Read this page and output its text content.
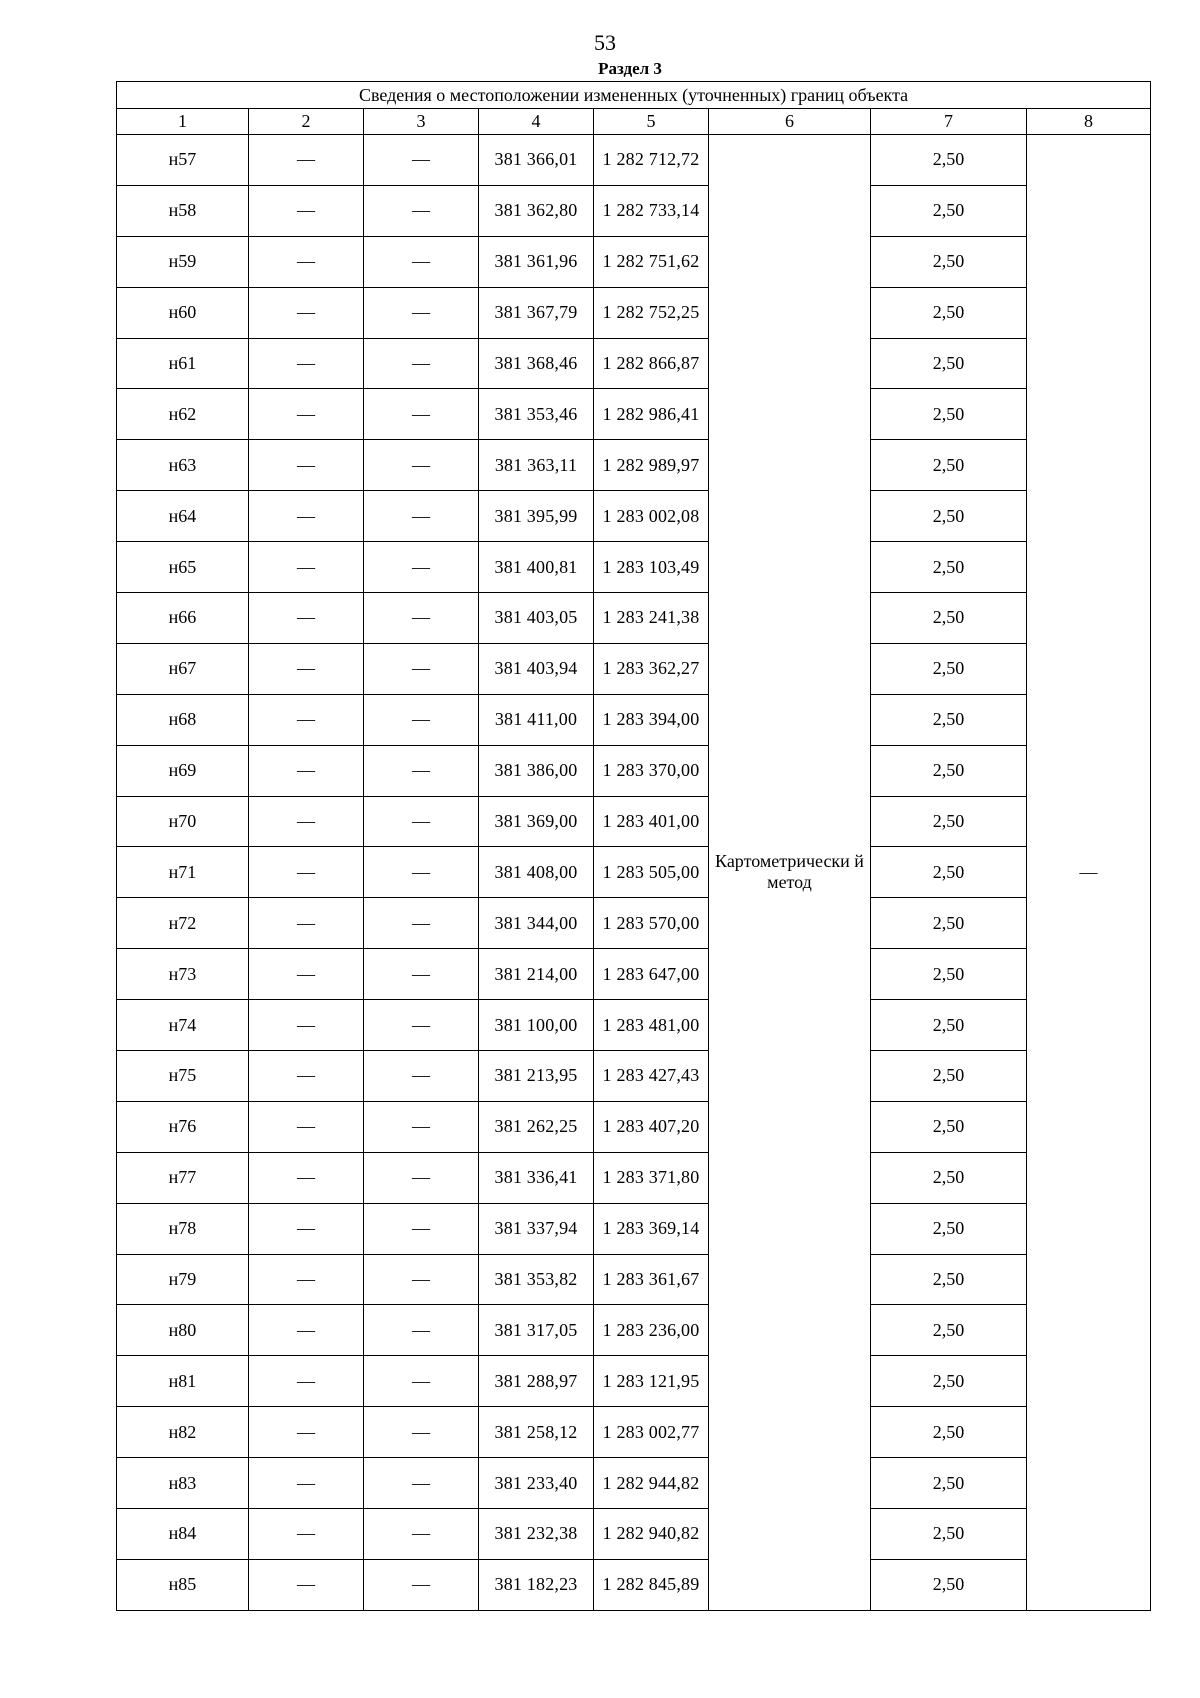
53
Раздел 3
Сведения о местоположении измененных (уточненных) границ объекта							
1	2	3	4	5	6	7	8
н57	—	—	381 366,01	1 282 712,72	Картометрически й метод	2,50	—
н58	—	—	381 362,80	1 282 733,14		2,50	
н59	—	—	381 361,96	1 282 751,62		2,50	
н60	—	—	381 367,79	1 282 752,25		2,50	
н61	—	—	381 368,46	1 282 866,87		2,50	
н62	—	—	381 353,46	1 282 986,41		2,50	
н63	—	—	381 363,11	1 282 989,97		2,50	
н64	—	—	381 395,99	1 283 002,08		2,50	
н65	—	—	381 400,81	1 283 103,49		2,50	
н66	—	—	381 403,05	1 283 241,38		2,50	
н67	—	—	381 403,94	1 283 362,27		2,50	
н68	—	—	381 411,00	1 283 394,00		2,50	
н69	—	—	381 386,00	1 283 370,00		2,50	
н70	—	—	381 369,00	1 283 401,00		2,50	
н71	—	—	381 408,00	1 283 505,00		2,50	
н72	—	—	381 344,00	1 283 570,00		2,50	
н73	—	—	381 214,00	1 283 647,00		2,50	
н74	—	—	381 100,00	1 283 481,00		2,50	
н75	—	—	381 213,95	1 283 427,43		2,50	
н76	—	—	381 262,25	1 283 407,20		2,50	
н77	—	—	381 336,41	1 283 371,80		2,50	
н78	—	—	381 337,94	1 283 369,14		2,50	
н79	—	—	381 353,82	1 283 361,67		2,50	
н80	—	—	381 317,05	1 283 236,00		2,50	
н81	—	—	381 288,97	1 283 121,95		2,50	
н82	—	—	381 258,12	1 283 002,77		2,50	
н83	—	—	381 233,40	1 282 944,82		2,50	
н84	—	—	381 232,38	1 282 940,82		2,50	
н85	—	—	381 182,23	1 282 845,89		2,50	
